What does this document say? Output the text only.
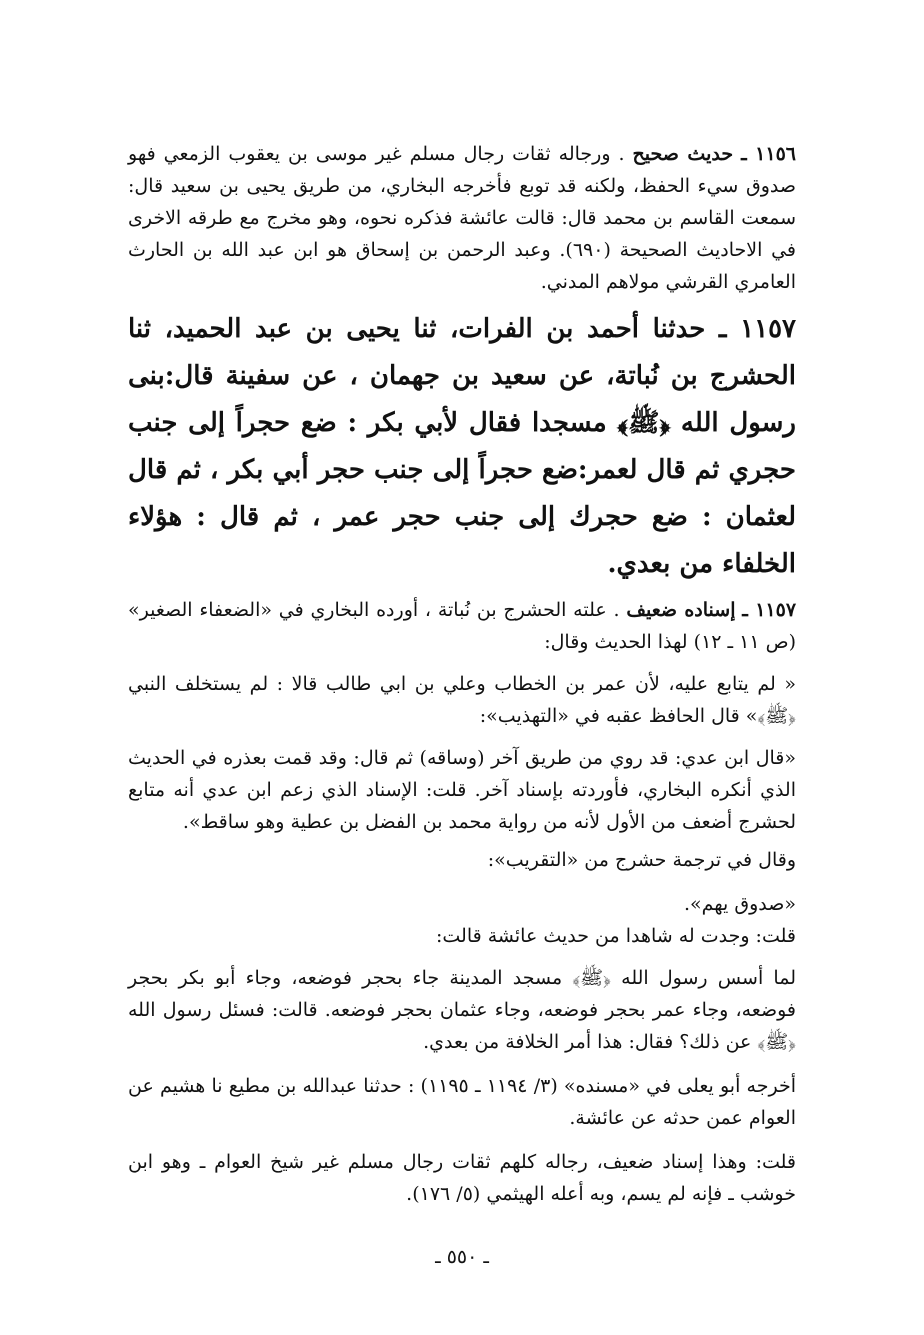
١١٥٦ ـ حديث صحيح . ورجاله ثقات رجال مسلم غير موسى بن يعقوب الزمعي فهو صدوق سيء الحفظ، ولكنه قد توبع فأخرجه البخاري، من طريق يحيى بن سعيد قال: سمعت القاسم بن محمد قال: قالت عائشة فذكره نحوه، وهو مخرج مع طرقه الاخرى في الاحاديث الصحيحة (٦٩٠). وعبد الرحمن بن إسحاق هو ابن عبد الله بن الحارث العامري القرشي مولاهم المدني.

١١٥٧ ـ حدثنا أحمد بن الفرات، ثنا يحيى بن عبد الحميد، ثنا الحشرج بن نُباتة، عن سعيد بن جهمان ، عن سفينة قال:بنى رسول الله ﴿ﷺ﴾ مسجدا فقال لأبي بكر : ضع حجراً إلى جنب حجري ثم قال لعمر:ضع حجراً إلى جنب حجر أبي بكر ، ثم قال لعثمان : ضع حجرك إلى جنب حجر عمر ، ثم قال : هؤلاء الخلفاء من بعدي.

١١٥٧ ـ إسناده ضعيف . علته الحشرج بن نُباتة ، أورده البخاري في «الضعفاء الصغير» (ص ١١ ـ ١٢) لهذا الحديث وقال:

« لم يتابع عليه، لأن عمر بن الخطاب وعلي بن ابي طالب قالا : لم يستخلف النبي ﴿ﷺ﴾» قال الحافظ عقبه في «التهذيب»:

«قال ابن عدي: قد روي من طريق آخر (وساقه) ثم قال: وقد قمت بعذره في الحديث الذي أنكره البخاري، فأوردته بإسناد آخر. قلت: الإسناد الذي زعم ابن عدي أنه متابع لحشرج أضعف من الأول لأنه من رواية محمد بن الفضل بن عطية وهو ساقط».

وقال في ترجمة حشرج من «التقريب»:

«صدوق يهم».

قلت: وجدت له شاهدا من حديث عائشة قالت:

لما أسس رسول الله ﴿ﷺ﴾ مسجد المدينة جاء بحجر فوضعه، وجاء أبو بكر بحجر فوضعه، وجاء عمر بحجر فوضعه، وجاء عثمان بحجر فوضعه. قالت: فسئل رسول الله ﴿ﷺ﴾ عن ذلك؟ فقال: هذا أمر الخلافة من بعدي.

أخرجه أبو يعلى في «مسنده» (٣/ ١١٩٤ ـ ١١٩٥) : حدثنا عبدالله بن مطيع نا هشيم عن العوام عمن حدثه عن عائشة.

قلت: وهذا إسناد ضعيف، رجاله كلهم ثقات رجال مسلم غير شيخ العوام ـ وهو ابن خوشب ـ فإنه لم يسم، وبه أعله الهيثمي (٥/ ١٧٦).

ـ ٥٥٠ ـ
